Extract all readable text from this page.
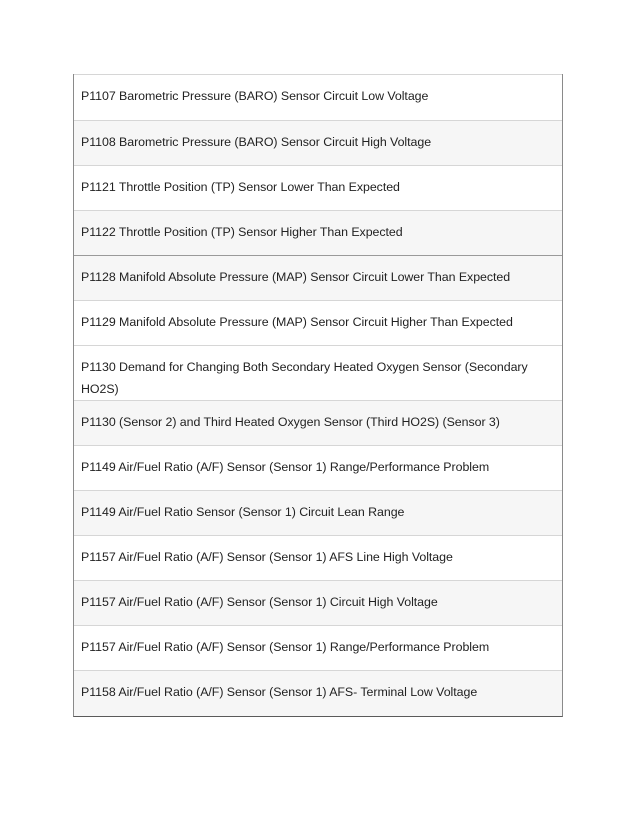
P1107 Barometric Pressure (BARO) Sensor Circuit Low Voltage
P1108 Barometric Pressure (BARO) Sensor Circuit High Voltage
P1121 Throttle Position (TP) Sensor Lower Than Expected
P1122 Throttle Position (TP) Sensor Higher Than Expected
P1128 Manifold Absolute Pressure (MAP) Sensor Circuit Lower Than Expected
P1129 Manifold Absolute Pressure (MAP) Sensor Circuit Higher Than Expected
P1130 Demand for Changing Both Secondary Heated Oxygen Sensor (Secondary HO2S)
P1130 (Sensor 2) and Third Heated Oxygen Sensor (Third HO2S) (Sensor 3)
P1149 Air/Fuel Ratio (A/F) Sensor (Sensor 1) Range/Performance Problem
P1149 Air/Fuel Ratio Sensor (Sensor 1) Circuit Lean Range
P1157 Air/Fuel Ratio (A/F) Sensor (Sensor 1) AFS Line High Voltage
P1157 Air/Fuel Ratio (A/F) Sensor (Sensor 1) Circuit High Voltage
P1157 Air/Fuel Ratio (A/F) Sensor (Sensor 1) Range/Performance Problem
P1158 Air/Fuel Ratio (A/F) Sensor (Sensor 1) AFS- Terminal Low Voltage
